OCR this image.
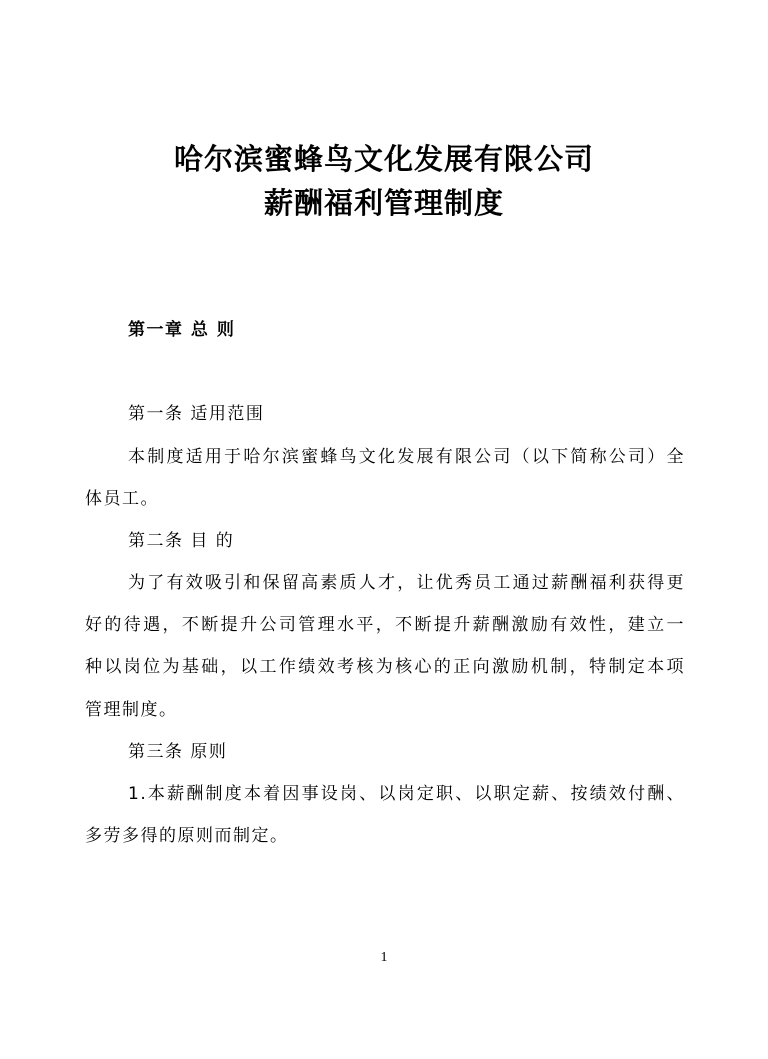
哈尔滨蜜蜂鸟文化发展有限公司
薪酬福利管理制度
第一章 总 则
第一条 适用范围
本制度适用于哈尔滨蜜蜂鸟文化发展有限公司（以下简称公司）全
体员工。
第二条 目 的
为了有效吸引和保留高素质人才，让优秀员工通过薪酬福利获得更
好的待遇，不断提升公司管理水平，不断提升薪酬激励有效性，建立一
种以岗位为基础，以工作绩效考核为核心的正向激励机制，特制定本项
管理制度。
第三条 原则
1.本薪酬制度本着因事设岗、以岗定职、以职定薪、按绩效付酬、
多劳多得的原则而制定。
1
